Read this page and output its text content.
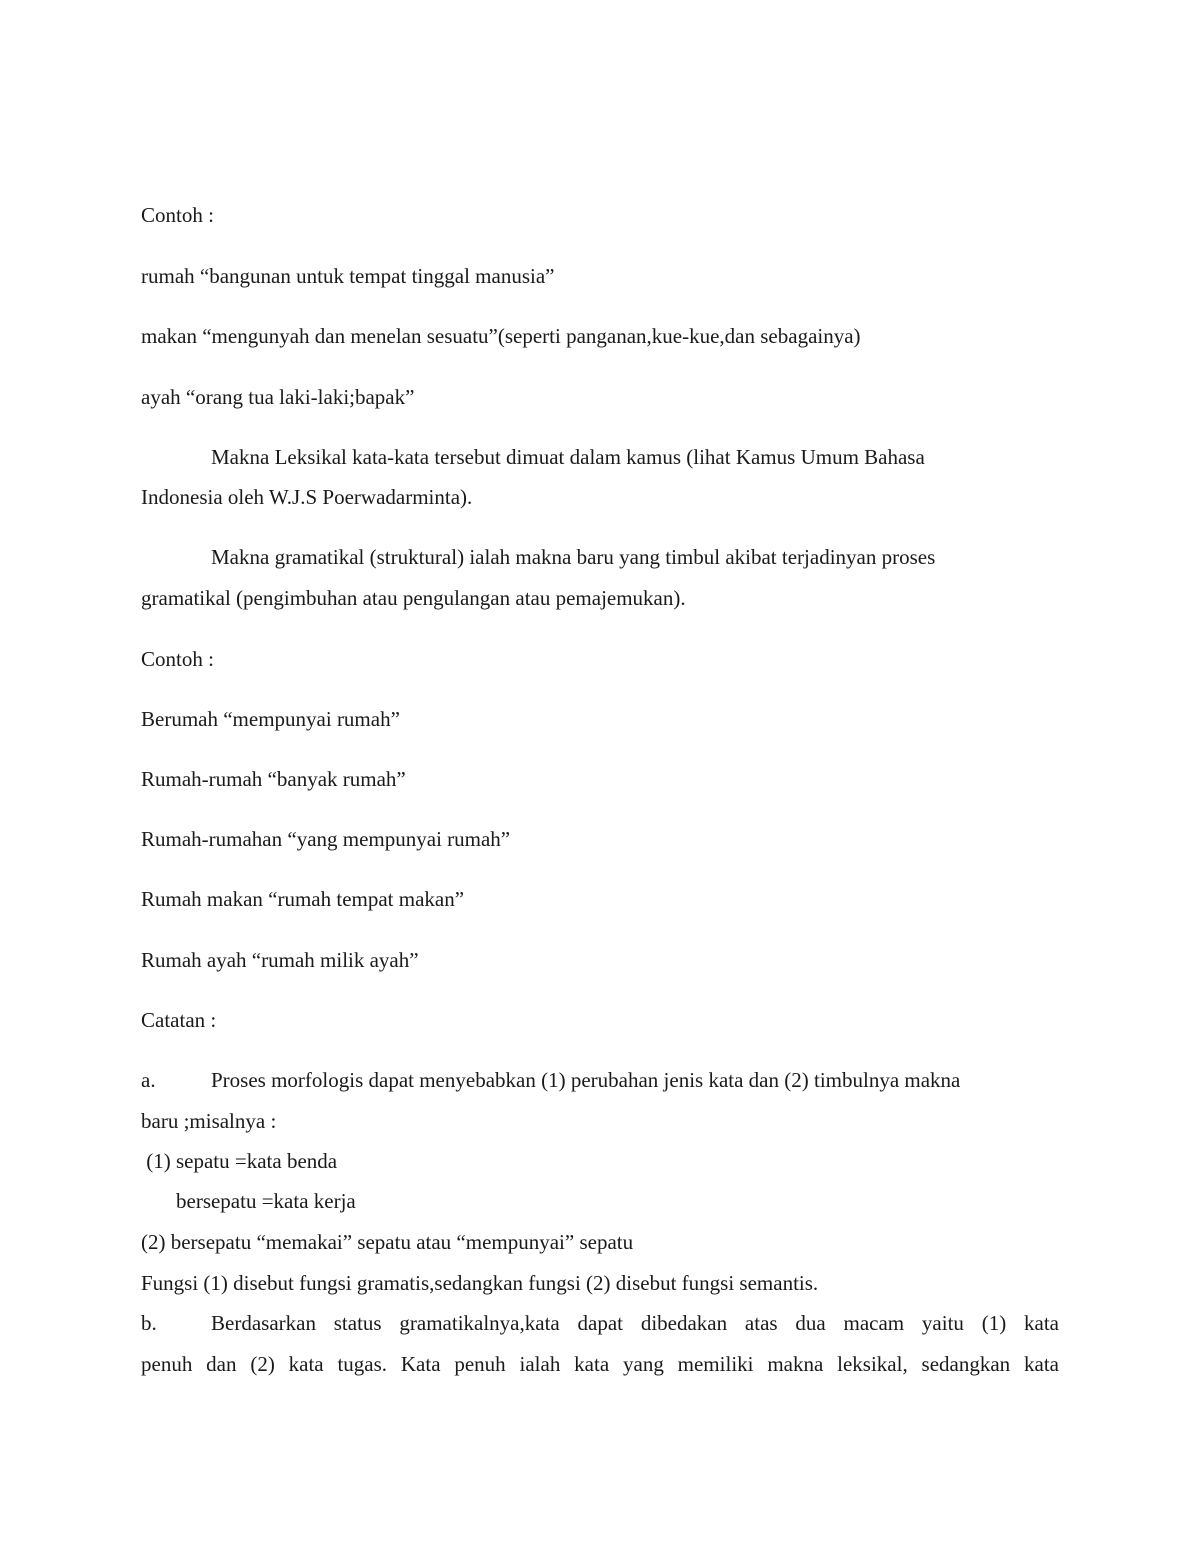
Contoh :
rumah “bangunan untuk tempat tinggal manusia”
makan “mengunyah dan menelan sesuatu”(seperti panganan,kue-kue,dan sebagainya)
ayah “orang tua laki-laki;bapak”
Makna Leksikal kata-kata tersebut dimuat dalam kamus (lihat Kamus Umum Bahasa
Indonesia oleh W.J.S Poerwadarminta).
Makna gramatikal (struktural) ialah makna baru yang timbul akibat terjadinyan proses
gramatikal (pengimbuhan atau pengulangan atau pemajemukan).
Contoh :
Berumah “mempunyai rumah”
Rumah-rumah “banyak rumah”
Rumah-rumahan “yang mempunyai rumah”
Rumah makan “rumah tempat makan”
Rumah ayah “rumah milik ayah”
Catatan :
a.	Proses morfologis dapat menyebabkan (1) perubahan jenis kata dan (2) timbulnya makna
baru ;misalnya :
(1) sepatu =kata benda
bersepatu =kata kerja
(2) bersepatu “memakai” sepatu atau “mempunyai” sepatu
Fungsi (1) disebut fungsi gramatis,sedangkan fungsi (2) disebut fungsi semantis.
b.	Berdasarkan status gramatikalnya,kata dapat dibedakan atas dua macam yaitu (1) kata
penuh dan (2) kata tugas. Kata penuh ialah kata yang memiliki makna leksikal, sedangkan kata
